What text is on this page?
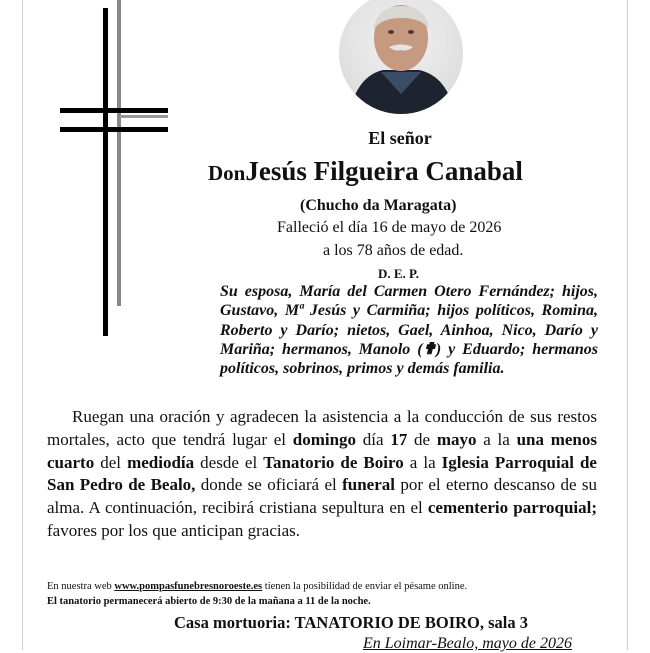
El señor
DonJesús Filgueira Canabal
(Chucho da Maragata)
Falleció el día 16 de mayo de 2026
a los 78 años de edad.
D. E. P.
Su esposa, María del Carmen Otero Fernández; hijos, Gustavo, Mª Jesús y Carmiña; hijos políticos, Romina, Roberto y Darío; nietos, Gael, Ainhoa, Nico, Darío y Mariña; hermanos, Manolo (✟) y Eduardo; hermanos políticos, sobrinos, primos y demás familia.
Ruegan una oración y agradecen la asistencia a la conducción de sus restos mortales, acto que tendrá lugar el domingo día 17 de mayo a la una menos cuarto del mediodía desde el Tanatorio de Boiro a la Iglesia Parroquial de San Pedro de Bealo, donde se oficiará el funeral por el eterno descanso de su alma. A continuación, recibirá cristiana sepultura en el cementerio parroquial; favores por los que anticipan gracias.
En nuestra web www.pompasfunebresnoroeste.es tienen la posibilidad de enviar el pésame online.
El tanatorio permanecerá abierto de 9:30 de la mañana a 11 de la noche.
Casa mortuoria: TANATORIO DE BOIRO, sala 3
En Loimar-Bealo, mayo de 2026
